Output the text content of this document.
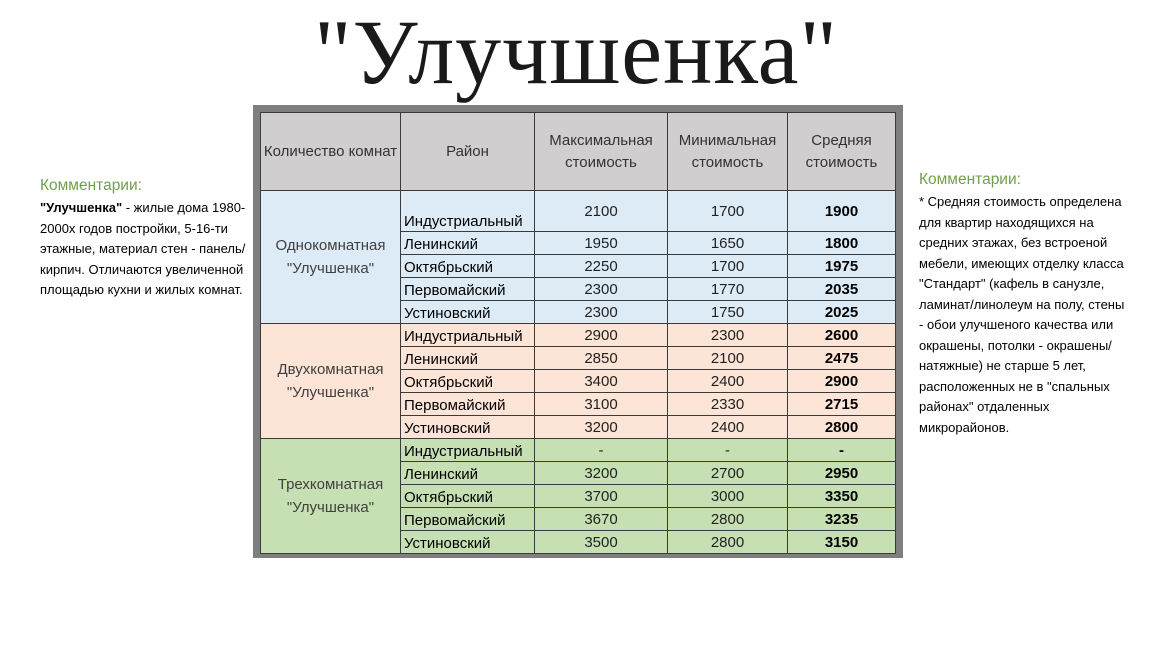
"Улучшенка"
Комментарии:
"Улучшенка" - жилые дома 1980-2000х годов постройки, 5-16-ти этажные, материал стен - панель/кирпич. Отличаются увеличенной площадью кухни и жилых комнат.
Комментарии:
* Средняя стоимость определена для квартир находящихся на средних этажах, без встроеной мебели, имеющих отделку класса "Стандарт" (кафель в санузле, ламинат/линолеум на полу, стены - обои улучшеного качества или окрашены, потолки - окрашены/натяжные) не старше 5 лет, расположенных не в "спальных районах" отдаленных микрорайонов.
Количество комнат	Район	Максимальная стоимость	Минимальная стоимость	Средняя стоимость
Однокомнатная "Улучшенка"	Индустриальный	2100	1700	1900
	Ленинский	1950	1650	1800
	Октябрьский	2250	1700	1975
	Первомайский	2300	1770	2035
	Устиновский	2300	1750	2025
Двухкомнатная "Улучшенка"	Индустриальный	2900	2300	2600
	Ленинский	2850	2100	2475
	Октябрьский	3400	2400	2900
	Первомайский	3100	2330	2715
	Устиновский	3200	2400	2800
Трехкомнатная "Улучшенка"	Индустриальный	-	-	-
	Ленинский	3200	2700	2950
	Октябрьский	3700	3000	3350
	Первомайский	3670	2800	3235
	Устиновский	3500	2800	3150
